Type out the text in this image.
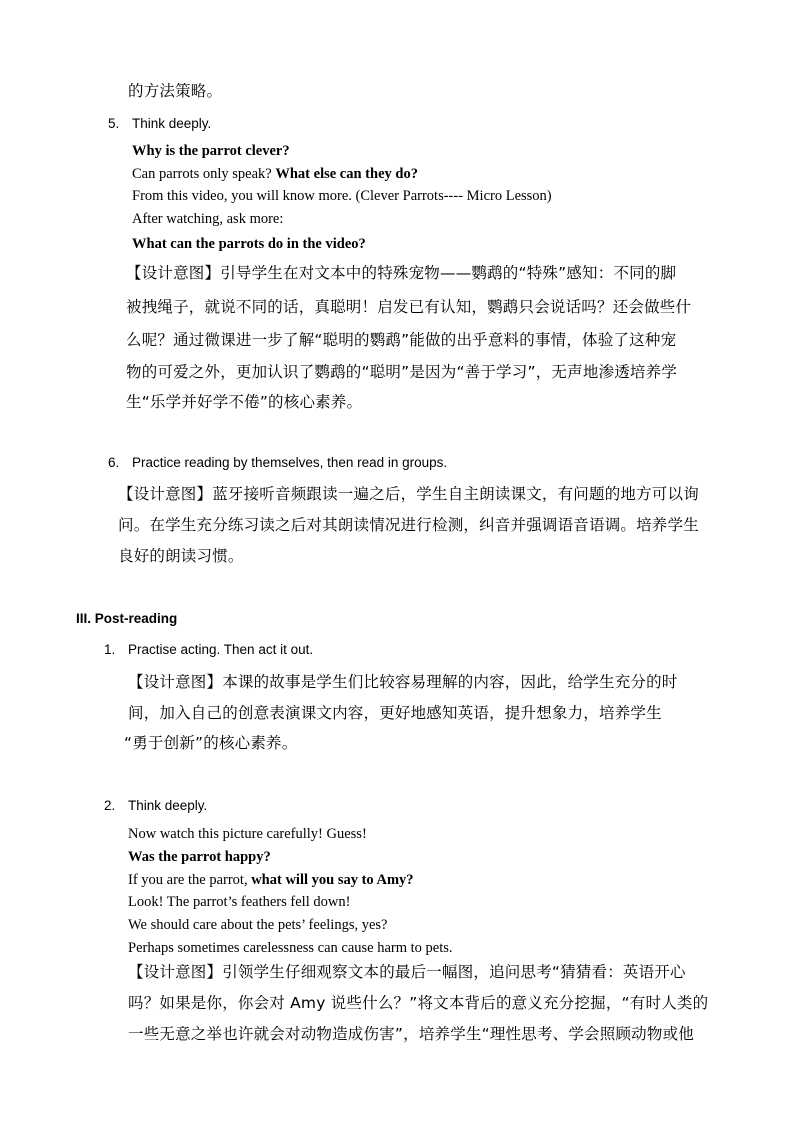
的方法策略。
5. Think deeply.
Why is the parrot clever?
Can parrots only speak? What else can they do?
From this video, you will know more. (Clever Parrots---- Micro Lesson)
After watching, ask more:
What can the parrots do in the video?
【设计意图】引导学生在对文本中的特殊宠物——鹦鹉的“特殊”感知：不同的脚
被拽绳子，就说不同的话，真聪明！启发已有认知，鹦鹉只会说话吗？还会做些什
么呢？通过微课进一步了解“聪明的鹦鹉”能做的出乎意料的事情，体验了这种宠
物的可爱之外，更加认识了鹦鹉的“聪明”是因为“善于学习”，无声地渗透培养学
生“乐学并好学不倦”的核心素养。
6. Practice reading by themselves, then read in groups.
【设计意图】蓝牙接听音频跟读一遍之后，学生自主朗读课文，有问题的地方可以询
问。在学生充分练习读之后对其朗读情况进行检测，纠音并强调语音语调。培养学生
良好的朗读习惯。
III. Post-reading
1. Practise acting. Then act it out.
【设计意图】本课的故事是学生们比较容易理解的内容，因此，给学生充分的时
间，加入自己的创意表演课文内容，更好地感知英语，提升想象力，培养学生
“勇于创新”的核心素养。
2. Think deeply.
Now watch this picture carefully! Guess!
Was the parrot happy?
If you are the parrot, what will you say to Amy?
Look! The parrot’s feathers fell down!
We should care about the pets’ feelings, yes?
Perhaps sometimes carelessness can cause harm to pets.
【设计意图】引领学生仔细观察文本的最后一幅图，追问思考“猜猜看：英语开心
吗？如果是你，你会对 Amy 说些什么？”将文本背后的意义充分挖掘，“有时人类的
一些无意之举也许就会对动物造成伤害”，培养学生“理性思考、学会照顾动物或他
